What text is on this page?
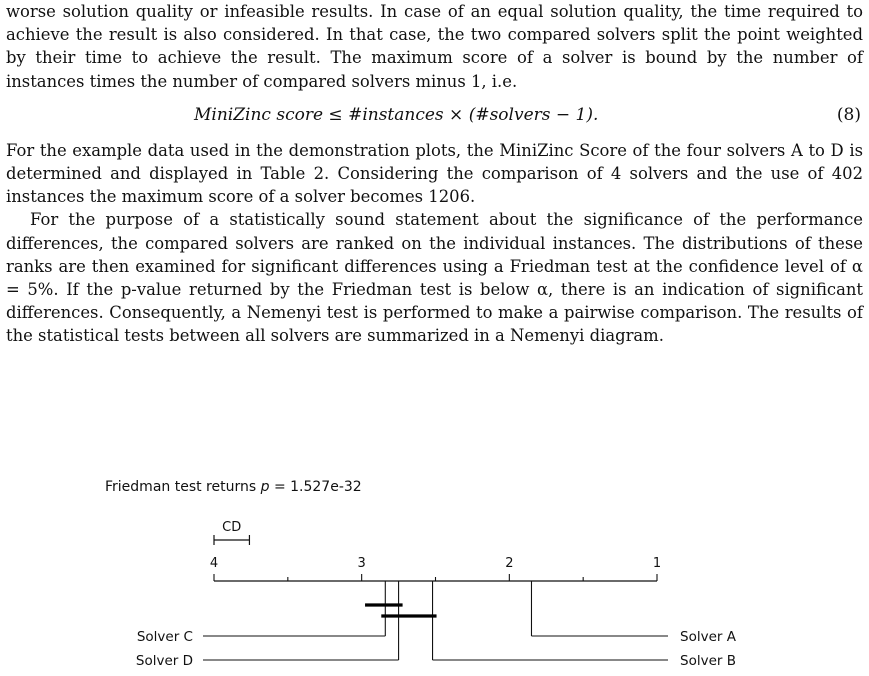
worse solution quality or infeasible results. In case of an equal solution quality, the time required to achieve the result is also considered. In that case, the two compared solvers split the point weighted by their time to achieve the result. The maximum score of a solver is bound by the number of instances times the number of compared solvers minus 1, i.e.

MiniZinc score ≤ #instances × (#solvers − 1).	(8)

For the example data used in the demonstration plots, the MiniZinc Score of the four solvers A to D is determined and displayed in Table 2. Considering the comparison of 4 solvers and the use of 402 instances the maximum score of a solver becomes 1206.

For the purpose of a statistically sound statement about the significance of the performance differences, the compared solvers are ranked on the individual instances. The distributions of these ranks are then examined for significant differences using a Friedman test at the confidence level of α = 5%. If the p-value returned by the Friedman test is below α, there is an indication of significant differences. Consequently, a Nemenyi test is performed to make a pairwise comparison. The results of the statistical tests between all solvers are summarized in a Nemenyi diagram.

Friedman test returns p = 1.527e-32
4	3	2	1
CD
Solver A
Solver B
Solver C
Solver D
